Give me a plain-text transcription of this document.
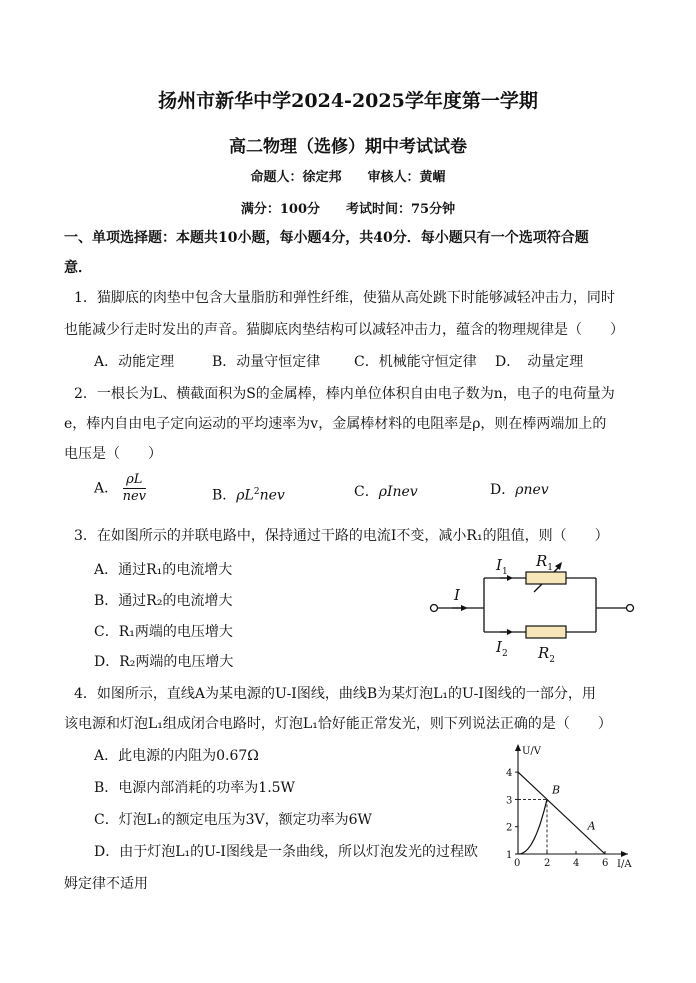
扬州市新华中学2024-2025学年度第一学期
高二物理（选修）期中考试试卷
命题人：徐定邦　　审核人：黄嵋
满分：100分　　考试时间：75分钟
一、单项选择题：本题共10小题，每小题4分，共40分．每小题只有一个选项符合题
意．
1．猫脚底的肉垫中包含大量脂肪和弹性纤维，使猫从高处跳下时能够减轻冲击力，同时
也能减少行走时发出的声音。猫脚底肉垫结构可以减轻冲击力，蕴含的物理规律是（　　）
A．动能定理	B．动量守恒定律 C．机械能守恒定律 D．　动量定理
2．一根长为L、横截面积为S的金属棒，棒内单位体积自由电子数为n，电子的电荷量为
e，棒内自由电子定向运动的平均速率为v，金属棒材料的电阻率是ρ，则在棒两端加上的
电压是（　　）
A． $\frac{\rho L}{\text{nev}}$	B．$\rho L^2nev$	C．ρInev	D．ρnev
3．在如图所示的并联电路中，保持通过干路的电流I不变，减小R₁的阻值，则（　　）
A．通过R₁的电流增大
B．通过R₂的电流增大
C．R₁两端的电压增大
D．R₂两端的电压增大
I
$I_1$
$I_2$
$R_1$
$R_2$
4．如图所示，直线A为某电源的U-I图线，曲线B为某灯泡L₁的U-I图线的一部分，用
该电源和灯泡L₁组成闭合电路时，灯泡L₁恰好能正常发光，则下列说法正确的是（　　）
A．此电源的内阻为0.67Ω
B．电源内部消耗的功率为1.5W
C．灯泡L₁的额定电压为3V，额定功率为6W
D．由于灯泡L₁的U-I图线是一条曲线，所以灯泡发光的过程欧
姆定律不适用
1
2
3
4
2 4 6
U/V
I/A
0
B
A
